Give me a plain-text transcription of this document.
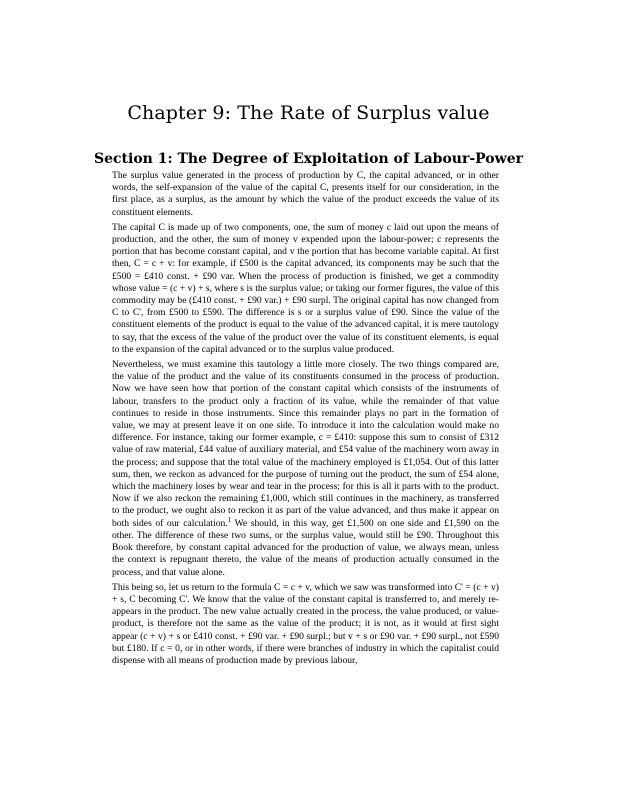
Chapter 9: The Rate of Surplus value
Section 1: The Degree of Exploitation of Labour-Power

The surplus value generated in the process of production by C, the capital advanced, or in other words, the self-expansion of the value of the capital C, presents itself for our consideration, in the first place, as a surplus, as the amount by which the value of the product exceeds the value of its constituent elements.

The capital C is made up of two components, one, the sum of money c laid out upon the means of production, and the other, the sum of money v expended upon the labour-power; c represents the portion that has become constant capital, and v the portion that has become variable capital. At first then, C = c + v: for example, if £500 is the capital advanced, its components may be such that the £500 = £410 const. + £90 var. When the process of production is finished, we get a commodity whose value = (c + v) + s, where s is the surplus value; or taking our former figures, the value of this commodity may be (£410 const. + £90 var.) + £90 surpl. The original capital has now changed from C to C', from £500 to £590. The difference is s or a surplus value of £90. Since the value of the constituent elements of the product is equal to the value of the advanced capital, it is mere tautology to say, that the excess of the value of the product over the value of its constituent elements, is equal to the expansion of the capital advanced or to the surplus value produced.

Nevertheless, we must examine this tautology a little more closely. The two things compared are, the value of the product and the value of its constituents consumed in the process of production. Now we have seen how that portion of the constant capital which consists of the instruments of labour, transfers to the product only a fraction of its value, while the remainder of that value continues to reside in those instruments. Since this remainder plays no part in the formation of value, we may at present leave it on one side. To introduce it into the calculation would make no difference. For instance, taking our former example, c = £410: suppose this sum to consist of £312 value of raw material, £44 value of auxiliary material, and £54 value of the machinery worn away in the process; and suppose that the total value of the machinery employed is £1,054. Out of this latter sum, then, we reckon as advanced for the purpose of turning out the product, the sum of £54 alone, which the machinery loses by wear and tear in the process; for this is all it parts with to the product. Now if we also reckon the remaining £1,000, which still continues in the machinery, as transferred to the product, we ought also to reckon it as part of the value advanced, and thus make it appear on both sides of our calculation.$^1$ We should, in this way, get £1,500 on one side and £1,590 on the other. The difference of these two sums, or the surplus value, would still be £90. Throughout this Book therefore, by constant capital advanced for the production of value, we always mean, unless the context is repugnant thereto, the value of the means of production actually consumed in the process, and that value alone.

This being so, let us return to the formula C = c + v, which we saw was transformed into C' = (c + v) + s, C becoming C'. We know that the value of the constant capital is transferred to, and merely re-appears in the product. The new value actually created in the process, the value produced, or value-product, is therefore not the same as the value of the product; it is not, as it would at first sight appear (c + v) + s or £410 const. + £90 var. + £90 surpl.; but v + s or £90 var. + £90 surpl., not £590 but £180. If c = 0, or in other words, if there were branches of industry in which the capitalist could dispense with all means of production made by previous labour,
